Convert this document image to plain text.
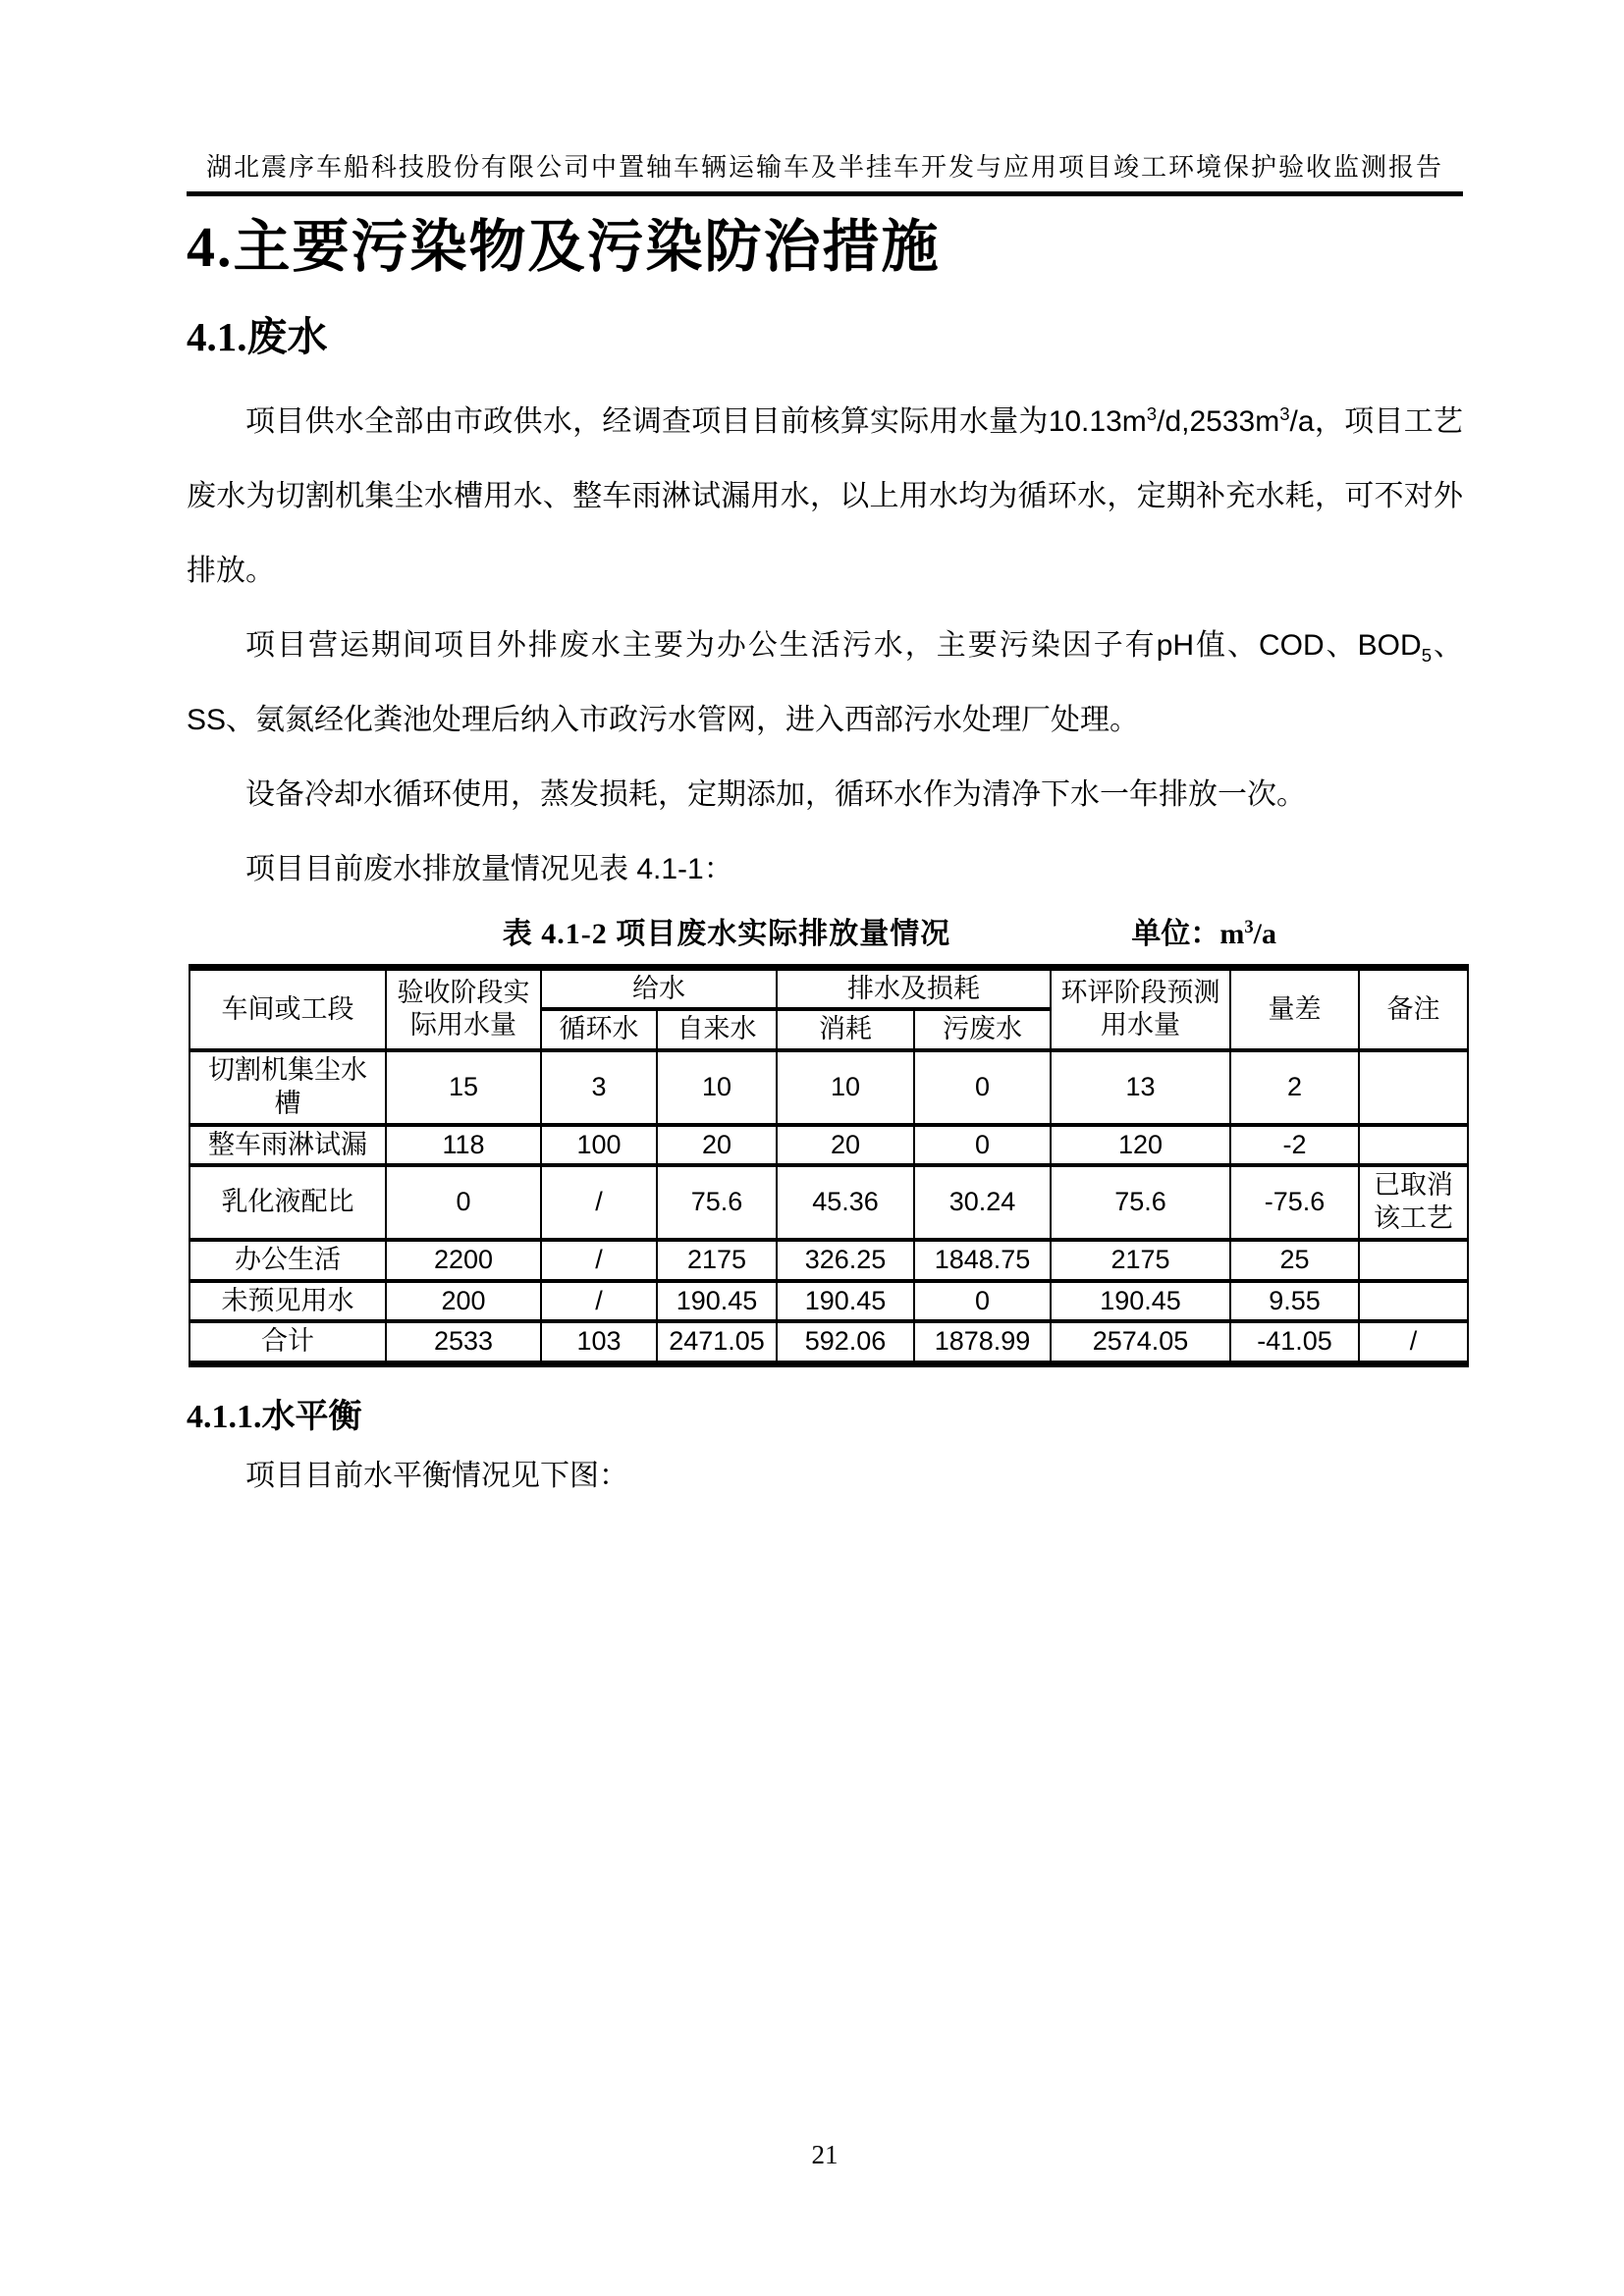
湖北震序车船科技股份有限公司中置轴车辆运输车及半挂车开发与应用项目竣工环境保护验收监测报告
4.主要污染物及污染防治措施
4.1.废水

项目供水全部由市政供水，经调查项目目前核算实际用水量为$10.13m^3/d,2533m^3/a$，项目工艺废水为切割机集尘水槽用水、整车雨淋试漏用水，以上用水均为循环水，定期补充水耗，可不对外排放。

项目营运期间项目外排废水主要为办公生活污水，主要污染因子有pH值、COD、$BOD_5$、SS、氨氮经化粪池处理后纳入市政污水管网，进入西部污水处理厂处理。

设备冷却水循环使用，蒸发损耗，定期添加，循环水作为清净下水一年排放一次。

项目目前废水排放量情况见表 4.1-1：

表 4.1-2 项目废水实际排放量情况	单位：$m^3/a$
车间或工段	验收阶段实际用水量	给水		排水及损耗		环评阶段预测用水量	量差	备注
		循环水	自来水	消耗	污废水			
切割机集尘水槽	15	3	10	10	0	13	2	
整车雨淋试漏	118	100	20	20	0	120	-2	
乳化液配比	0	/	75.6	45.36	30.24	75.6	-75.6	已取消该工艺
办公生活	2200	/	2175	326.25	1848.75	2175	25	
未预见用水	200	/	190.45	190.45	0	190.45	9.55	
合计	2533	103	2471.05	592.06	1878.99	2574.05	-41.05	/
4.1.1.水平衡

项目目前水平衡情况见下图：

21
